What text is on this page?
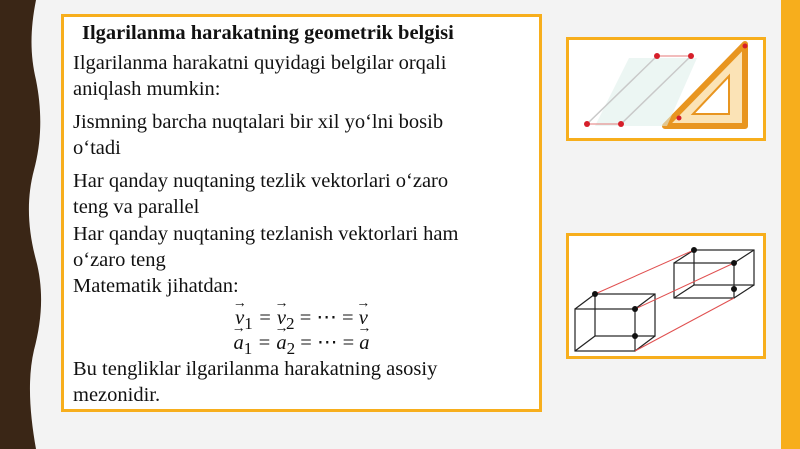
Ilgarilanma harakatning geometrik belgisi
Ilgarilanma harakatni quyidagi belgilar orqali
aniqlash mumkin:
Jismning barcha nuqtalari bir xil yo‘lni bosib
o‘tadi
Har qanday nuqtaning tezlik vektorlari o‘zaro
teng va parallel
Har qanday nuqtaning tezlanish vektorlari ham
o‘zaro teng
Matematik jihatdan:
→ $v_1$ = → $v_2$ = ⋯ = → v
→ $a_1$ = → $a_2$ = ⋯ = → a
Bu tengliklar ilgarilanma harakatning asosiy
mezonidir.
